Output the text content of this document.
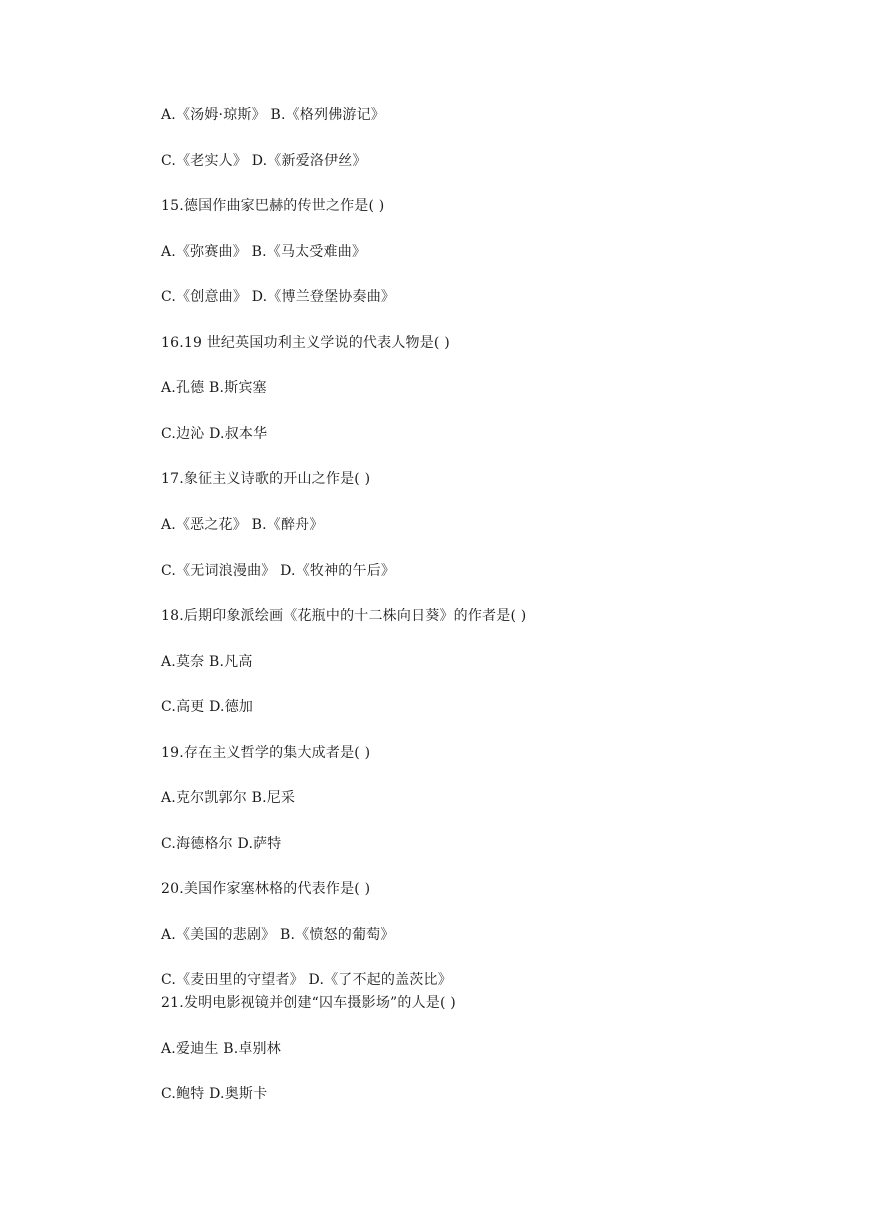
A.《汤姆·琼斯》 B.《格列佛游记》
C.《老实人》 D.《新爱洛伊丝》
15.德国作曲家巴赫的传世之作是( )
A.《弥赛曲》 B.《马太受难曲》
C.《创意曲》 D.《博兰登堡协奏曲》
16.19 世纪英国功利主义学说的代表人物是( )
A.孔德 B.斯宾塞
C.边沁 D.叔本华
17.象征主义诗歌的开山之作是( )
A.《恶之花》 B.《醉舟》
C.《无词浪漫曲》 D.《牧神的午后》
18.后期印象派绘画《花瓶中的十二株向日葵》的作者是( )
A.莫奈 B.凡高
C.高更 D.德加
19.存在主义哲学的集大成者是( )
A.克尔凯郭尔 B.尼采
C.海德格尔 D.萨特
20.美国作家塞林格的代表作是( )
A.《美国的悲剧》 B.《愤怒的葡萄》
C.《麦田里的守望者》 D.《了不起的盖茨比》
21.发明电影视镜并创建“囚车摄影场”的人是( )
A.爱迪生 B.卓别林
C.鲍特 D.奥斯卡
